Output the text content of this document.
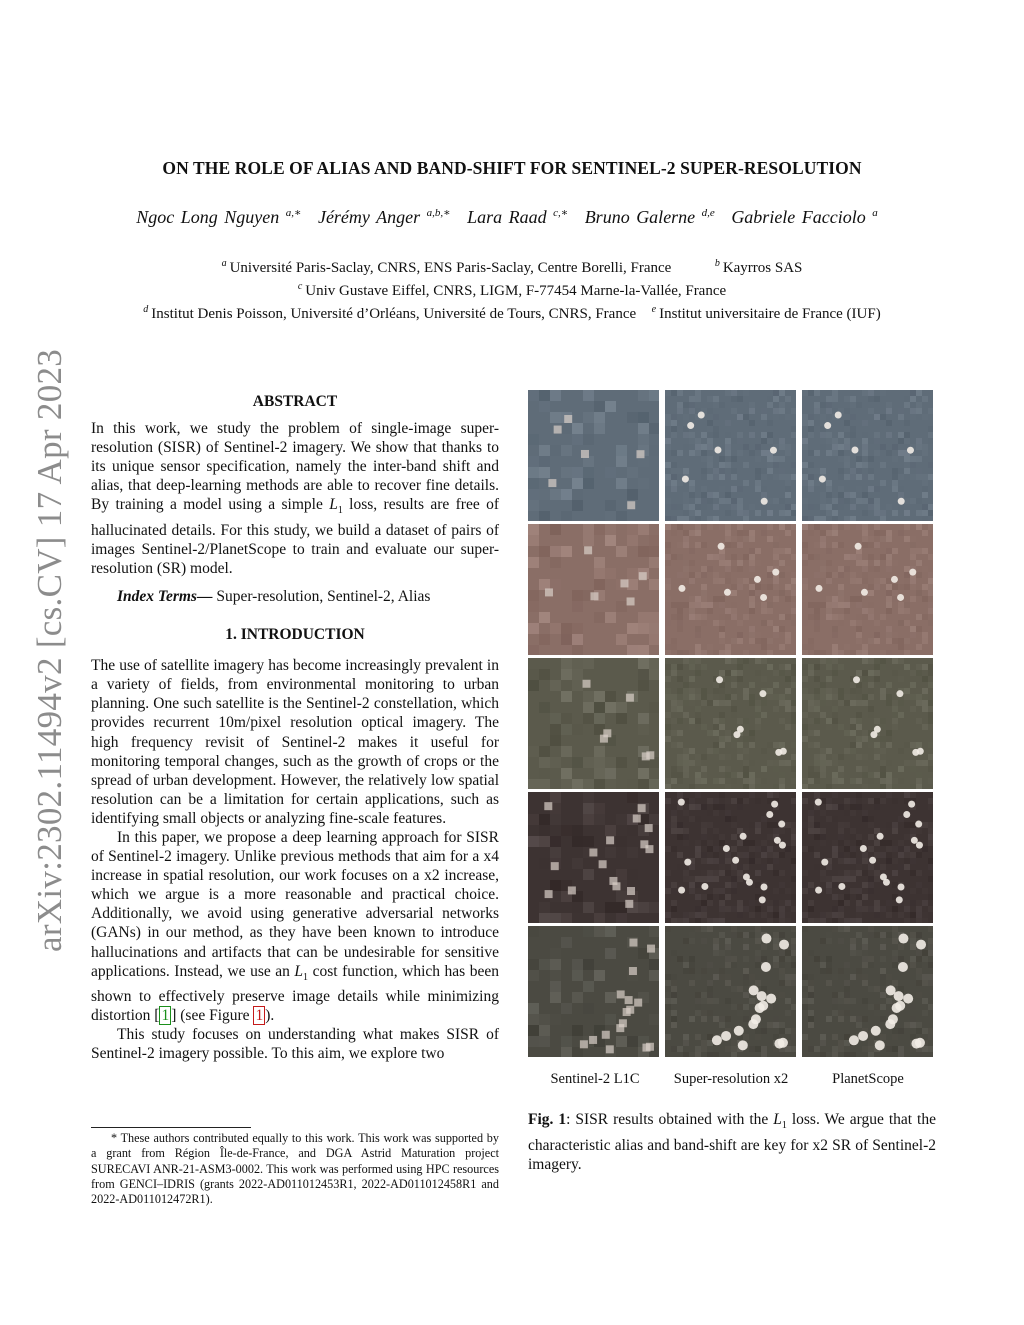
ON THE ROLE OF ALIAS AND BAND-SHIFT FOR SENTINEL-2 SUPER-RESOLUTION
Ngoc Long Nguyen $^{a,∗}$ Jérémy Anger $^{a,b,∗}$ Lara Raad $^{c,∗}$ Bruno Galerne $^{d,e}$ Gabriele Facciolo $^a$
$^a$ Université Paris-Saclay, CNRS, ENS Paris-Saclay, Centre Borelli, France	$^b$ Kayrros SAS
$^c$ Univ Gustave Eiffel, CNRS, LIGM, F-77454 Marne-la-Vallée, France
$^d$ Institut Denis Poisson, Université d’Orléans, Université de Tours, CNRS, France $^e$ Institut universitaire de France (IUF)
arXiv:2302.11494v2 [cs.CV] 17 Apr 2023	ABSTRACT

In this work, we study the problem of single-image super-resolution (SISR) of Sentinel-2 imagery. We show that thanks to its unique sensor specification, namely the inter-band shift and alias, that deep-learning methods are able to recover fine details. By training a model using a simple $L_1$ loss, results are free of hallucinated details. For this study, we build a dataset of pairs of images Sentinel-2/PlanetScope to train and evaluate our super-resolution (SR) model.

Index Terms— Super-resolution, Sentinel-2, Alias

1. INTRODUCTION

The use of satellite imagery has become increasingly prevalent in a variety of fields, from environmental monitoring to urban planning. One such satellite is the Sentinel-2 constellation, which provides recurrent 10m/pixel resolution optical imagery. The high frequency revisit of Sentinel-2 makes it useful for monitoring temporal changes, such as the growth of crops or the spread of urban development. However, the relatively low spatial resolution can be a limitation for certain applications, such as identifying small objects or analyzing fine-scale features.

In this paper, we propose a deep learning approach for SISR of Sentinel-2 imagery. Unlike previous methods that aim for a x4 increase in spatial resolution, our work focuses on a x2 increase, which we argue is a more reasonable and practical choice. Additionally, we avoid using generative adversarial networks (GANs) in our method, as they have been known to introduce hallucinations and artifacts that can be undesirable for sensitive applications. Instead, we use an $L_1$ cost function, which has been shown to effectively preserve image details while minimizing distortion [ 1 ] (see Figure 1 ).

This study focuses on understanding what makes SISR of Sentinel-2 imagery possible. To this aim, we explore two

* These authors contributed equally to this work. This work was supported by a grant from Région Île-de-France, and DGA Astrid Maturation project SURECAVI ANR-21-ASM3-0002. This work was performed using HPC resources from GENCI–IDRIS (grants 2022-AD011012453R1, 2022-AD011012458R1 and 2022-AD011012472R1).
Sentinel-2 L1C	Super-resolution x2	PlanetScope
Fig. 1: SISR results obtained with the $L_1$ loss. We argue that the characteristic alias and band-shift are key for x2 SR of Sentinel-2 imagery.
